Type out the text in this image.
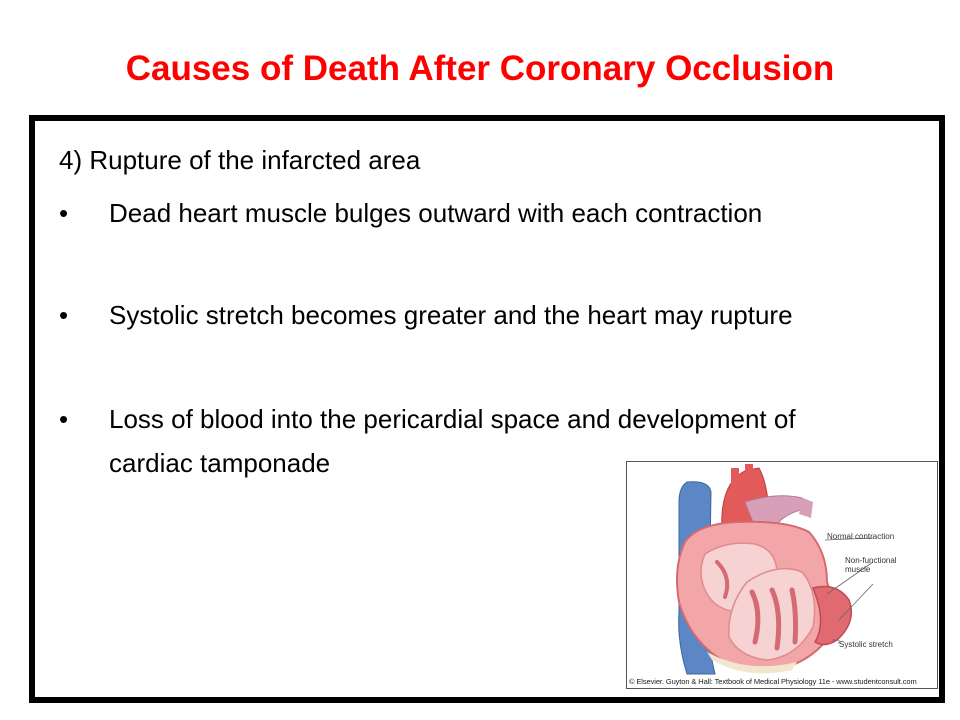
Causes of Death After Coronary Occlusion
4) Rupture of the infarcted area
• Dead heart muscle bulges outward with each contraction
• Systolic stretch becomes greater and the heart may rupture
• Loss of blood into the pericardial space and development of cardiac tamponade
Normal contraction
Non-functional muscle
Systolic stretch
© Elsevier. Guyton & Hall: Textbook of Medical Physiology 11e - www.studentconsult.com
